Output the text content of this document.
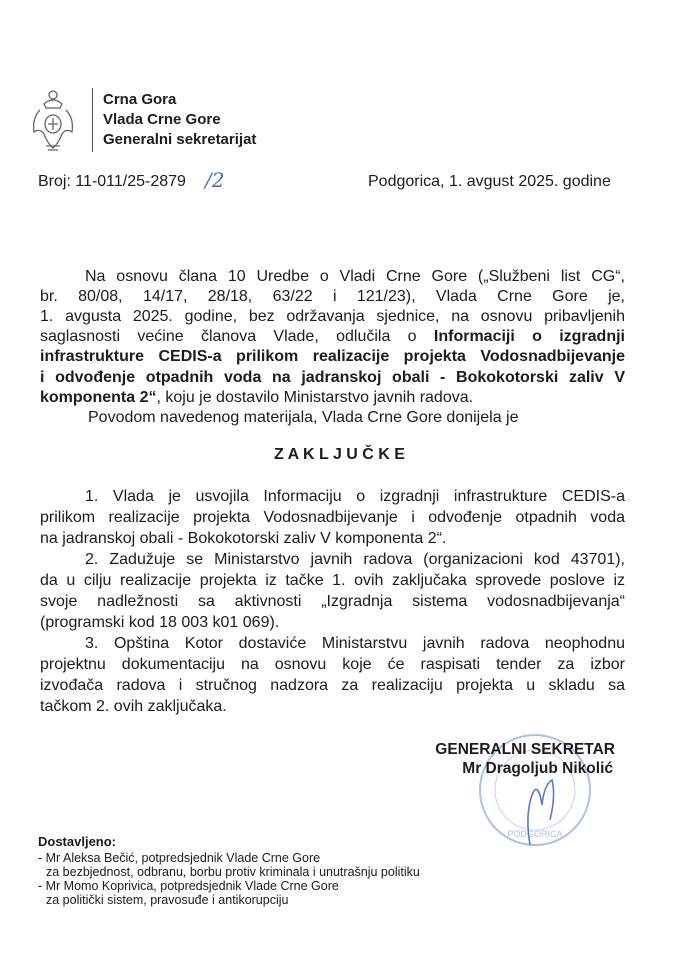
Crna Gora
Vlada Crne Gore
Generalni sekretarijat
Broj: 11-011/25-2879 /2	Podgorica, 1. avgust 2025. godine
Na osnovu člana 10 Uredbe o Vladi Crne Gore („Službeni list CG“,
br. 80/08, 14/17, 28/18, 63/22 i 121/23), Vlada Crne Gore je,
1. avgusta 2025. godine, bez održavanja sjednice, na osnovu pribavljenih
saglasnosti većine članova Vlade, odlučila o Informaciji o izgradnji
infrastrukture CEDIS-a prilikom realizacije projekta Vodosnadbijevanje
i odvođenje otpadnih voda na jadranskoj obali - Bokokotorski zaliv V
komponenta 2“, koju je dostavilo Ministarstvo javnih radova.
Povodom navedenog materijala, Vlada Crne Gore donijela je
Z A K L J U Č K E
1. Vlada je usvojila Informaciju o izgradnji infrastrukture CEDIS-a
prilikom realizacije projekta Vodosnadbijevanje i odvođenje otpadnih voda
na jadranskoj obali - Bokokotorski zaliv V komponenta 2“.
2. Zadužuje se Ministarstvo javnih radova (organizacioni kod 43701),
da u cilju realizacije projekta iz tačke 1. ovih zaključaka sprovede poslove iz
svoje nadležnosti sa aktivnosti „Izgradnja sistema vodosnadbijevanja“
(programski kod 18 003 k01 069).
3. Opština Kotor dostaviće Ministarstvu javnih radova neophodnu
projektnu dokumentaciju na osnovu koje će raspisati tender za izbor
izvođača radova i stručnog nadzora za realizaciju projekta u skladu sa
tačkom 2. ovih zaključaka.
PODGORICA
GENERALNI SEKRETAR
Mr Dragoljub Nikolić
Dostavljeno:
- Mr Aleksa Bečić, potpredsjednik Vlade Crne Gore
za bezbjednost, odbranu, borbu protiv kriminala i unutrašnju politiku
- Mr Momo Koprivica, potpredsjednik Vlade Crne Gore
za politički sistem, pravosuđe i antikorupciju
